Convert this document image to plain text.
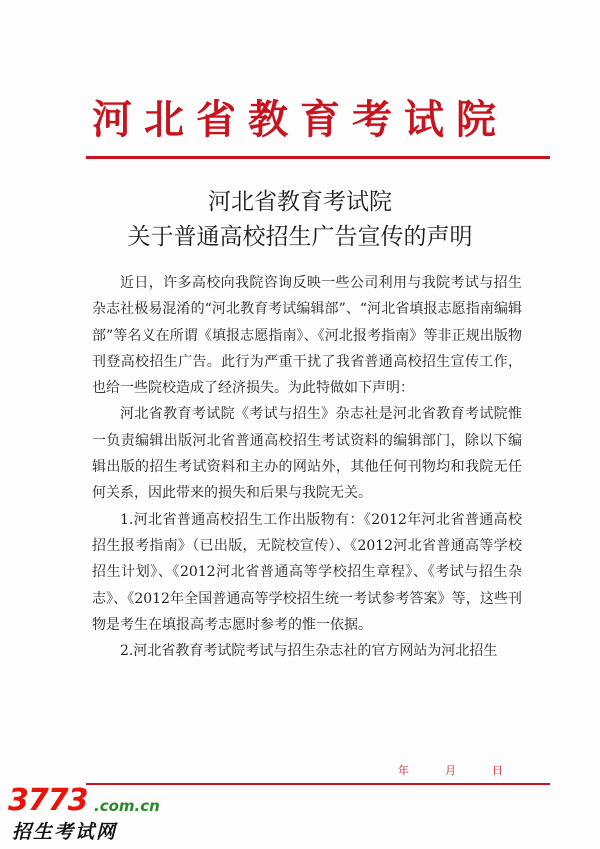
河北省教育考试院
河北省教育考试院
关于普通高校招生广告宣传的声明

近日，许多高校向我院咨询反映一些公司利用与我院考试与招生杂志社极易混淆的“河北教育考试编辑部”、“河北省填报志愿指南编辑部”等名义在所谓《填报志愿指南》、《河北报考指南》等非正规出版物刊登高校招生广告。此行为严重干扰了我省普通高校招生宣传工作，也给一些院校造成了经济损失。为此特做如下声明：

河北省教育考试院《考试与招生》杂志社是河北省教育考试院惟一负责编辑出版河北省普通高校招生考试资料的编辑部门，除以下编辑出版的招生考试资料和主办的网站外，其他任何刊物均和我院无任何关系，因此带来的损失和后果与我院无关。

1.河北省普通高校招生工作出版物有：《2012年河北省普通高校招生报考指南》（已出版，无院校宣传）、《2012河北省普通高等学校招生计划》、《2012河北省普通高等学校招生章程》、《考试与招生杂志》、《2012年全国普通高等学校招生统一考试参考答案》等，这些刊物是考生在填报高考志愿时参考的惟一依据。

2.河北省教育考试院考试与招生杂志社的官方网站为河北招生

年	月	日
3773 .com.cn
招生考试网
